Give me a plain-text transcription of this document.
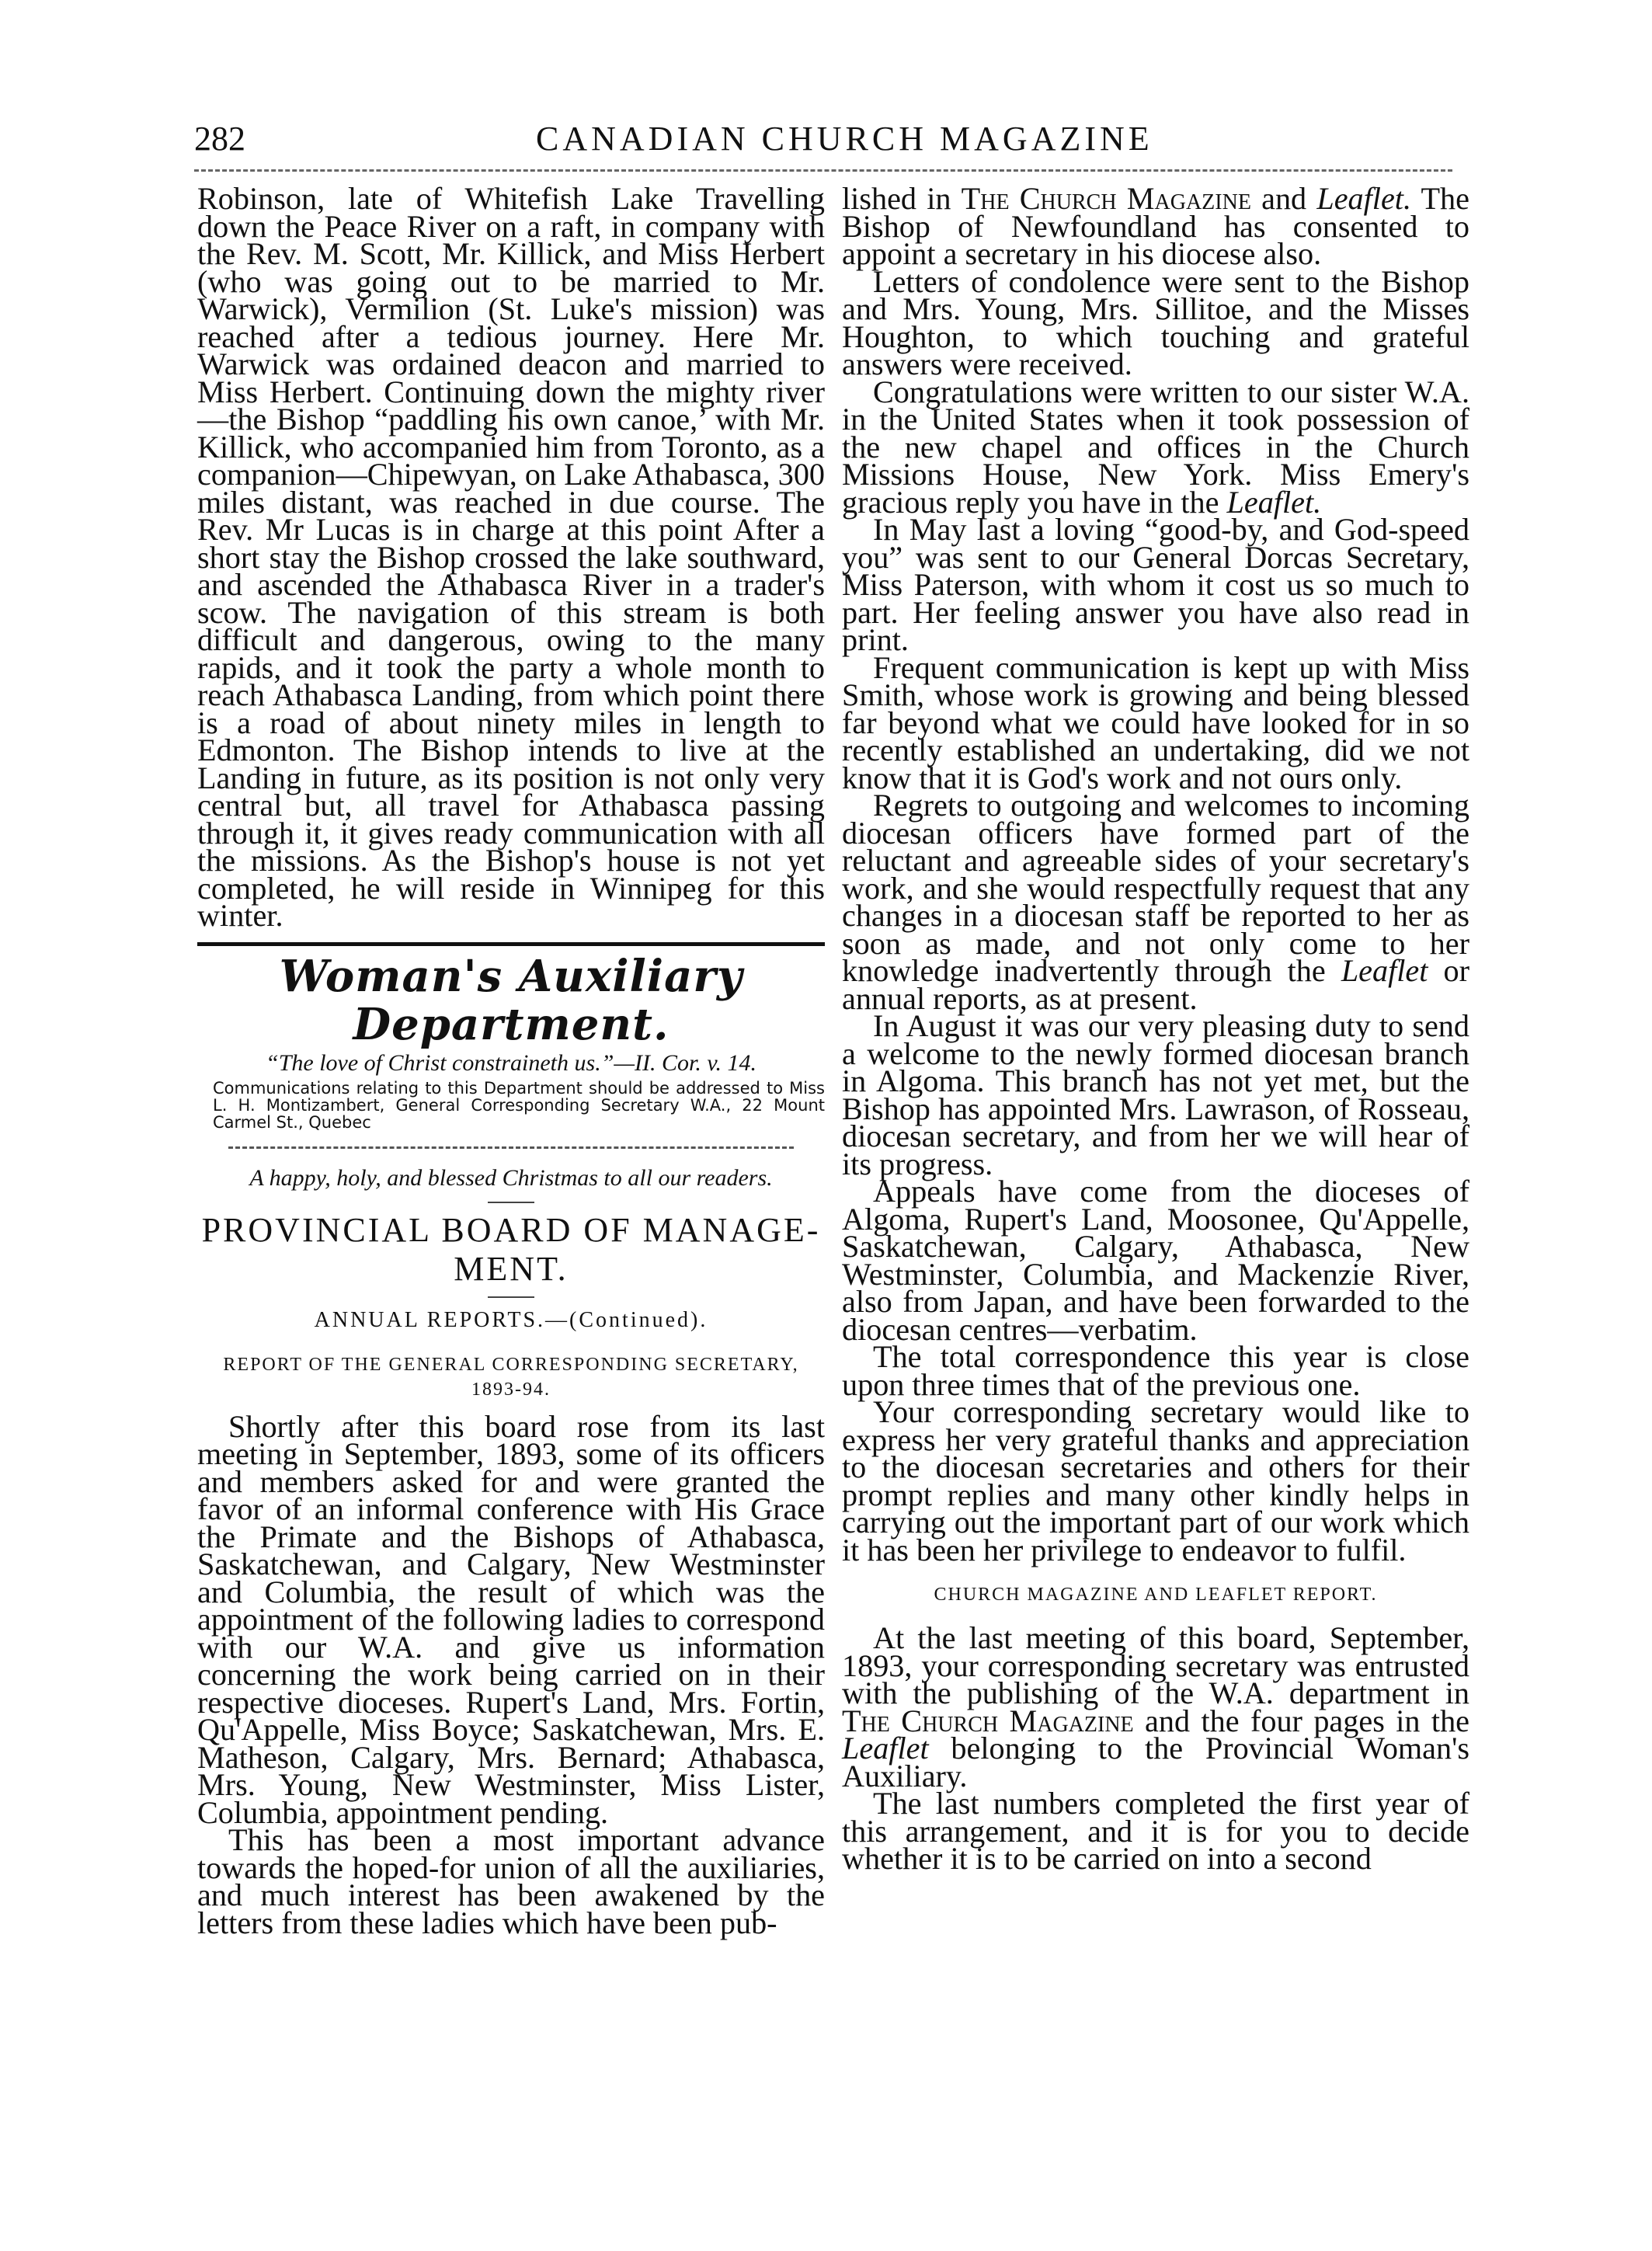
282	CANADIAN CHURCH MAGAZINE

Robinson, late of Whitefish Lake Travelling down the Peace River on a raft, in company with the Rev. M. Scott, Mr. Killick, and Miss Herbert (who was going out to be married to Mr. Warwick), Vermilion (St. Luke's mission) was reached after a tedious journey. Here Mr. Warwick was ordained deacon and married to Miss Herbert. Continuing down the mighty river—the Bishop “paddling his own canoe,’ with Mr. Killick, who accompanied him from Toronto, as a companion—Chipewyan, on Lake Athabasca, 300 miles distant, was reached in due course. The Rev. Mr Lucas is in charge at this point After a short stay the Bishop crossed the lake southward, and ascended the Athabasca River in a trader's scow. The navigation of this stream is both difficult and dangerous, owing to the many rapids, and it took the party a whole month to reach Athabasca Landing, from which point there is a road of about ninety miles in length to Edmonton. The Bishop intends to live at the Landing in future, as its position is not only very central but, all travel for Athabasca passing through it, it gives ready communication with all the missions. As the Bishop's house is not yet completed, he will reside in Winnipeg for this winter.

Woman's Auxiliary Department.
“The love of Christ constraineth us.”—II. Cor. v. 14.
Communications relating to this Department should be addressed to Miss L. H. Montizambert, General Corresponding Secretary W.A., 22 Mount Carmel St., Quebec
A happy, holy, and blessed Christmas to all our readers.
PROVINCIAL BOARD OF MANAGE-MENT.
ANNUAL REPORTS.—(Continued).
REPORT OF THE GENERAL CORRESPONDING SECRETARY, 1893-94.

Shortly after this board rose from its last meeting in September, 1893, some of its officers and members asked for and were granted the favor of an informal conference with His Grace the Primate and the Bishops of Athabasca, Saskatchewan, and Calgary, New Westminster and Columbia, the result of which was the appointment of the following ladies to correspond with our W.A. and give us information concerning the work being carried on in their respective dioceses. Rupert's Land, Mrs. Fortin, Qu'Appelle, Miss Boyce; Saskatchewan, Mrs. E. Matheson, Calgary, Mrs. Bernard; Athabasca, Mrs. Young, New Westminster, Miss Lister, Columbia, appointment pending.

This has been a most important advance towards the hoped-for union of all the auxiliaries, and much interest has been awakened by the letters from these ladies which have been pub-

lished in The Church Magazine and Leaflet. The Bishop of Newfoundland has consented to appoint a secretary in his diocese also.

Letters of condolence were sent to the Bishop and Mrs. Young, Mrs. Sillitoe, and the Misses Houghton, to which touching and grateful answers were received.

Congratulations were written to our sister W.A. in the United States when it took possession of the new chapel and offices in the Church Missions House, New York. Miss Emery's gracious reply you have in the Leaflet.

In May last a loving “good-by, and God-speed you” was sent to our General Dorcas Secretary, Miss Paterson, with whom it cost us so much to part. Her feeling answer you have also read in print.

Frequent communication is kept up with Miss Smith, whose work is growing and being blessed far beyond what we could have looked for in so recently established an undertaking, did we not know that it is God's work and not ours only.

Regrets to outgoing and welcomes to incoming diocesan officers have formed part of the reluctant and agreeable sides of your secretary's work, and she would respectfully request that any changes in a diocesan staff be reported to her as soon as made, and not only come to her knowledge inadvertently through the Leaflet or annual reports, as at present.

In August it was our very pleasing duty to send a welcome to the newly formed diocesan branch in Algoma. This branch has not yet met, but the Bishop has appointed Mrs. Lawrason, of Rosseau, diocesan secretary, and from her we will hear of its progress.

Appeals have come from the dioceses of Algoma, Rupert's Land, Moosonee, Qu'Appelle, Saskatchewan, Calgary, Athabasca, New Westminster, Columbia, and Mackenzie River, also from Japan, and have been forwarded to the diocesan centres—verbatim.

The total correspondence this year is close upon three times that of the previous one.

Your corresponding secretary would like to express her very grateful thanks and appreciation to the diocesan secretaries and others for their prompt replies and many other kindly helps in carrying out the important part of our work which it has been her privilege to endeavor to fulfil.

CHURCH MAGAZINE AND LEAFLET REPORT.

At the last meeting of this board, September, 1893, your corresponding secretary was entrusted with the publishing of the W.A. department in The Church Magazine and the four pages in the Leaflet belonging to the Provincial Woman's Auxiliary.

The last numbers completed the first year of this arrangement, and it is for you to decide whether it is to be carried on into a second
